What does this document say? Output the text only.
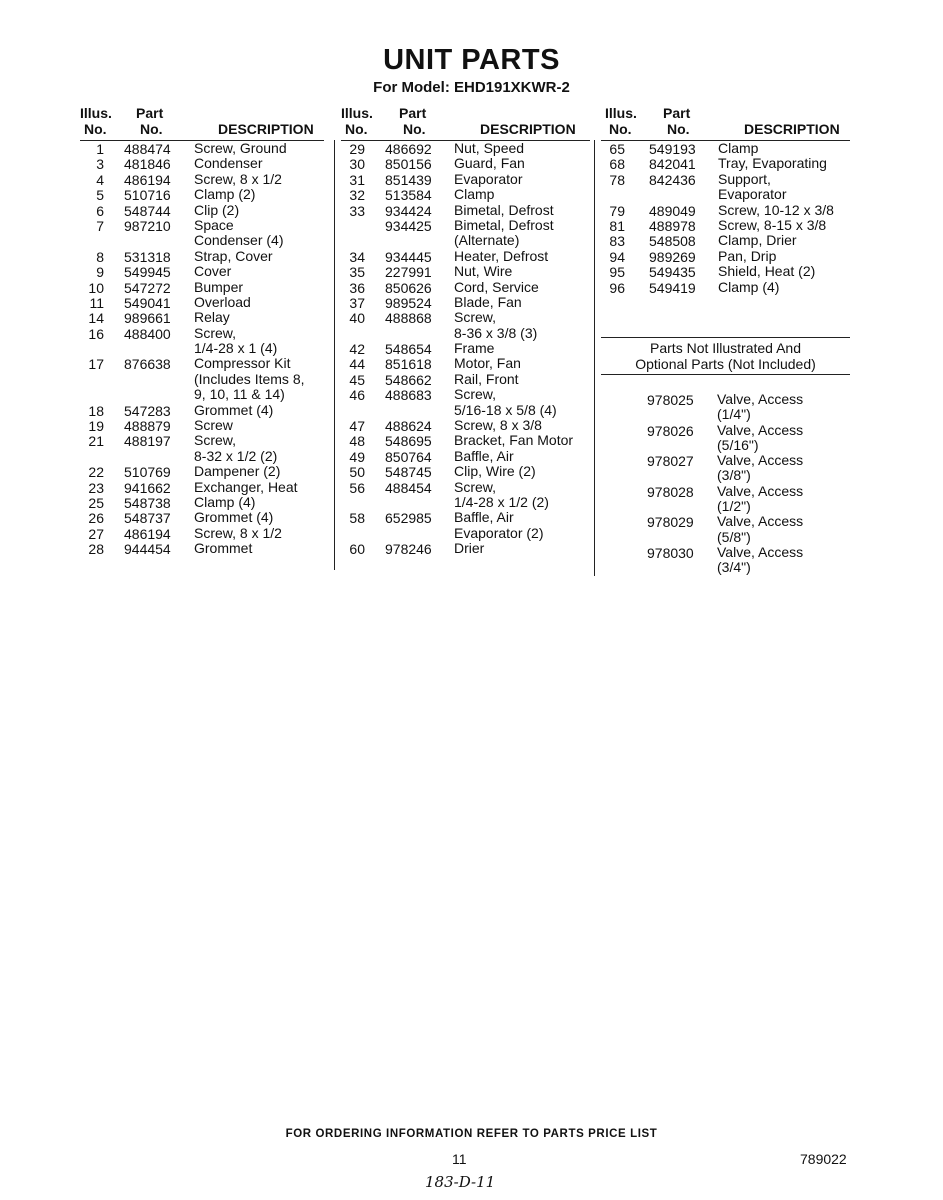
UNIT PARTS
For Model: EHD191XKWR-2
Illus.
No.
Part
No.	DESCRIPTION
1 488474 Screw, Ground
3 481846 Condenser
4 486194 Screw, 8 x 1/2
5 510716 Clamp (2)
6 548744 Clip (2)
7 987210 Space
Condenser (4)
8 531318 Strap, Cover
9 549945 Cover
10 547272 Bumper
11 549041 Overload
14 989661 Relay
16 488400 Screw,
1/4-28 x 1 (4)
17 876638 Compressor Kit
(Includes Items 8,
9, 10, 11 & 14)
18 547283 Grommet (4)
19 488879 Screw
21 488197 Screw,
8-32 x 1/2 (2)
22 510769 Dampener (2)
23 941662 Exchanger, Heat
25 548738 Clamp (4)
26 548737 Grommet (4)
27 486194 Screw, 8 x 1/2
28 944454 Grommet
Illus.
No.
Part
No.	DESCRIPTION
29 486692 Nut, Speed
30 850156 Guard, Fan
31 851439 Evaporator
32 513584 Clamp
33 934424 Bimetal, Defrost
934425 Bimetal, Defrost
(Alternate)
34 934445 Heater, Defrost
35 227991 Nut, Wire
36 850626 Cord, Service
37 989524 Blade, Fan
40 488868 Screw,
8-36 x 3/8 (3)
42 548654 Frame
44 851618 Motor, Fan
45 548662 Rail, Front
46 488683 Screw,
5/16-18 x 5/8 (4)
47 488624 Screw, 8 x 3/8
48 548695 Bracket, Fan Motor
49 850764 Baffle, Air
50 548745 Clip, Wire (2)
56 488454 Screw,
1/4-28 x 1/2 (2)
58 652985 Baffle, Air
Evaporator (2)
60 978246 Drier
Illus.
No.
Part
No.	DESCRIPTION
65 549193 Clamp
68 842041 Tray, Evaporating
78 842436 Support,
Evaporator
79 489049 Screw, 10-12 x 3/8
81 488978 Screw, 8-15 x 3/8
83 548508 Clamp, Drier
94 989269 Pan, Drip
95 549435 Shield, Heat (2)
96 549419 Clamp (4)
Parts Not Illustrated And
Optional Parts (Not Included)
978025 Valve, Access
(1/4")
978026 Valve, Access
(5/16")
978027 Valve, Access
(3/8")
978028 Valve, Access
(1/2")
978029 Valve, Access
(5/8")
978030 Valve, Access
(3/4")
FOR ORDERING INFORMATION REFER TO PARTS PRICE LIST
11	789022
183-D-11
